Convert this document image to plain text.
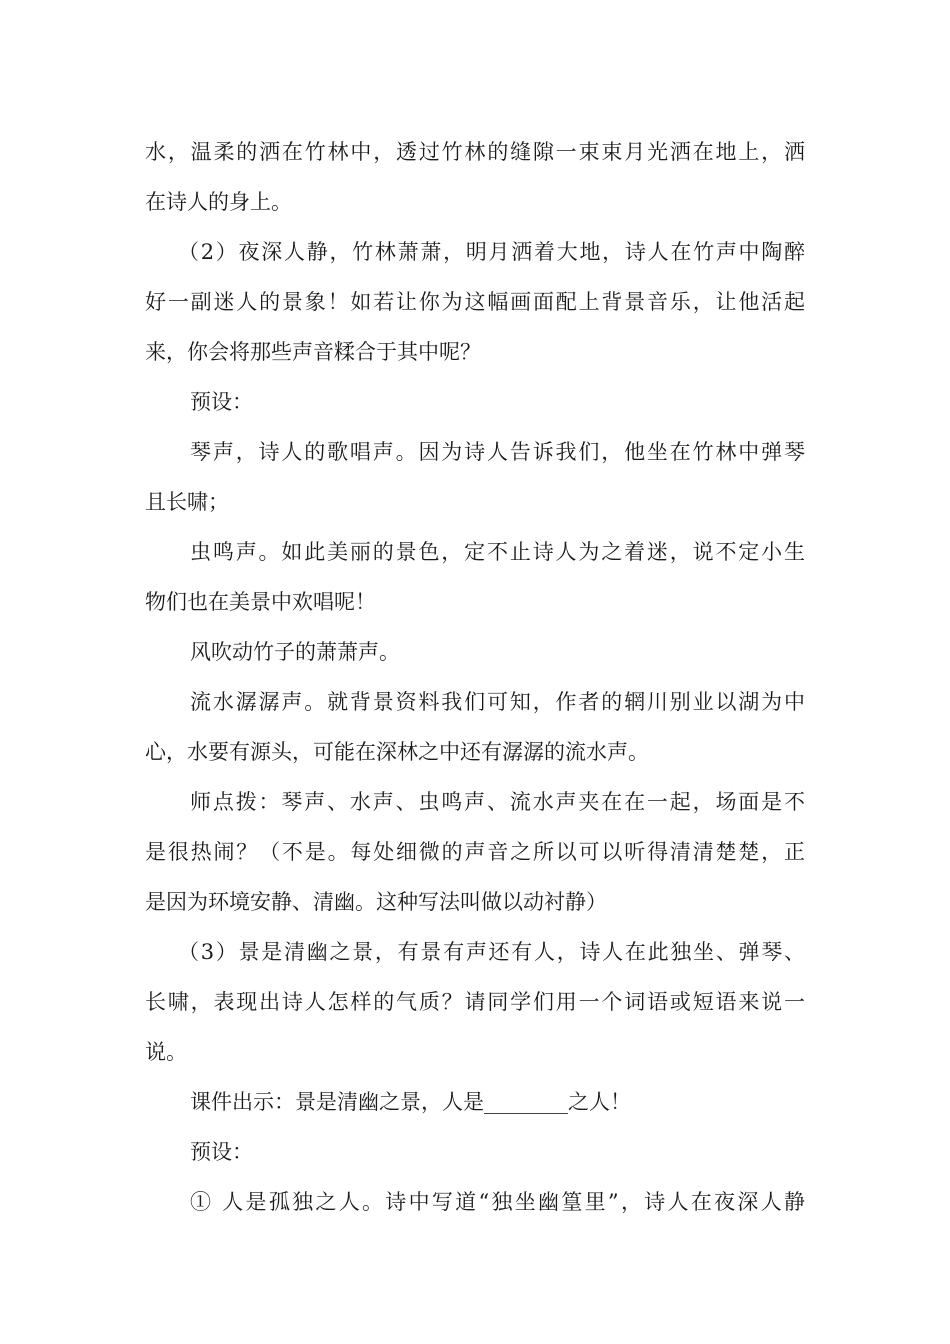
水，温柔的洒在竹林中，透过竹林的缝隙一束束月光洒在地上，洒
在诗人的身上。
（2）夜深人静，竹林萧萧，明月洒着大地，诗人在竹声中陶醉
好一副迷人的景象！如若让你为这幅画面配上背景音乐，让他活起
来，你会将那些声音糅合于其中呢？
预设：
琴声，诗人的歌唱声。因为诗人告诉我们，他坐在竹林中弹琴
且长啸；
虫鸣声。如此美丽的景色，定不止诗人为之着迷，说不定小生
物们也在美景中欢唱呢！
风吹动竹子的萧萧声。
流水潺潺声。就背景资料我们可知，作者的辋川别业以湖为中
心，水要有源头，可能在深林之中还有潺潺的流水声。
师点拨：琴声、水声、虫鸣声、流水声夹在在一起，场面是不
是很热闹？（不是。每处细微的声音之所以可以听得清清楚楚，正
是因为环境安静、清幽。这种写法叫做以动衬静）
（3）景是清幽之景，有景有声还有人，诗人在此独坐、弹琴、
长啸，表现出诗人怎样的气质？请同学们用一个词语或短语来说一
说。
课件出示：景是清幽之景，人是________之人！
预设：
① 人是孤独之人。诗中写道“独坐幽篁里”，诗人在夜深人静
